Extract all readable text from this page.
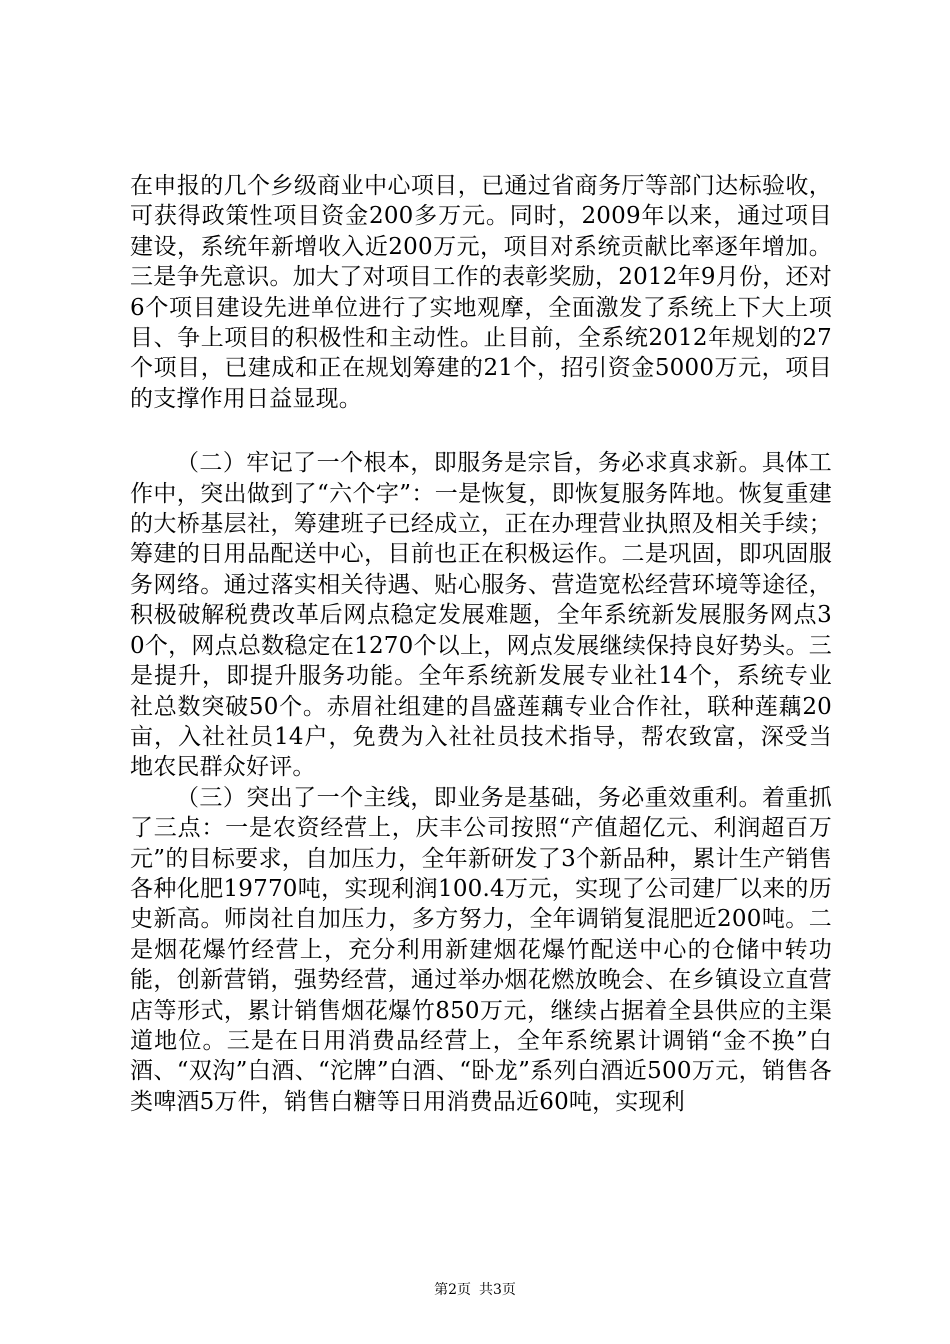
在申报的几个乡级商业中心项目，已通过省商务厅等部门达标验收，可获得政策性项目资金200多万元。同时，2009年以来，通过项目建设，系统年新增收入近200万元，项目对系统贡献比率逐年增加。三是争先意识。加大了对项目工作的表彰奖励，2012年9月份，还对6个项目建设先进单位进行了实地观摩，全面激发了系统上下大上项目、争上项目的积极性和主动性。止目前，全系统2012年规划的27个项目，已建成和正在规划筹建的21个，招引资金5000万元，项目的支撑作用日益显现。

（二）牢记了一个根本，即服务是宗旨，务必求真求新。具体工作中，突出做到了“六个字”：一是恢复，即恢复服务阵地。恢复重建的大桥基层社，筹建班子已经成立，正在办理营业执照及相关手续；筹建的日用品配送中心，目前也正在积极运作。二是巩固，即巩固服务网络。通过落实相关待遇、贴心服务、营造宽松经营环境等途径，积极破解税费改革后网点稳定发展难题，全年系统新发展服务网点30个，网点总数稳定在1270个以上，网点发展继续保持良好势头。三是提升，即提升服务功能。全年系统新发展专业社14个，系统专业社总数突破50个。赤眉社组建的昌盛莲藕专业合作社，联种莲藕20亩，入社社员14户，免费为入社社员技术指导，帮农致富，深受当地农民群众好评。

（三）突出了一个主线，即业务是基础，务必重效重利。着重抓了三点：一是农资经营上，庆丰公司按照“产值超亿元、利润超百万元”的目标要求，自加压力，全年新研发了3个新品种，累计生产销售各种化肥19770吨，实现利润100.4万元，实现了公司建厂以来的历史新高。师岗社自加压力，多方努力，全年调销复混肥近200吨。二是烟花爆竹经营上，充分利用新建烟花爆竹配送中心的仓储中转功能，创新营销，强势经营，通过举办烟花燃放晚会、在乡镇设立直营店等形式，累计销售烟花爆竹850万元，继续占据着全县供应的主渠道地位。三是在日用消费品经营上，全年系统累计调销“金不换”白酒、“双沟”白酒、“沱牌”白酒、“卧龙”系列白酒近500万元，销售各类啤酒5万件，销售白糖等日用消费品近60吨，实现利

第2页 共3页
